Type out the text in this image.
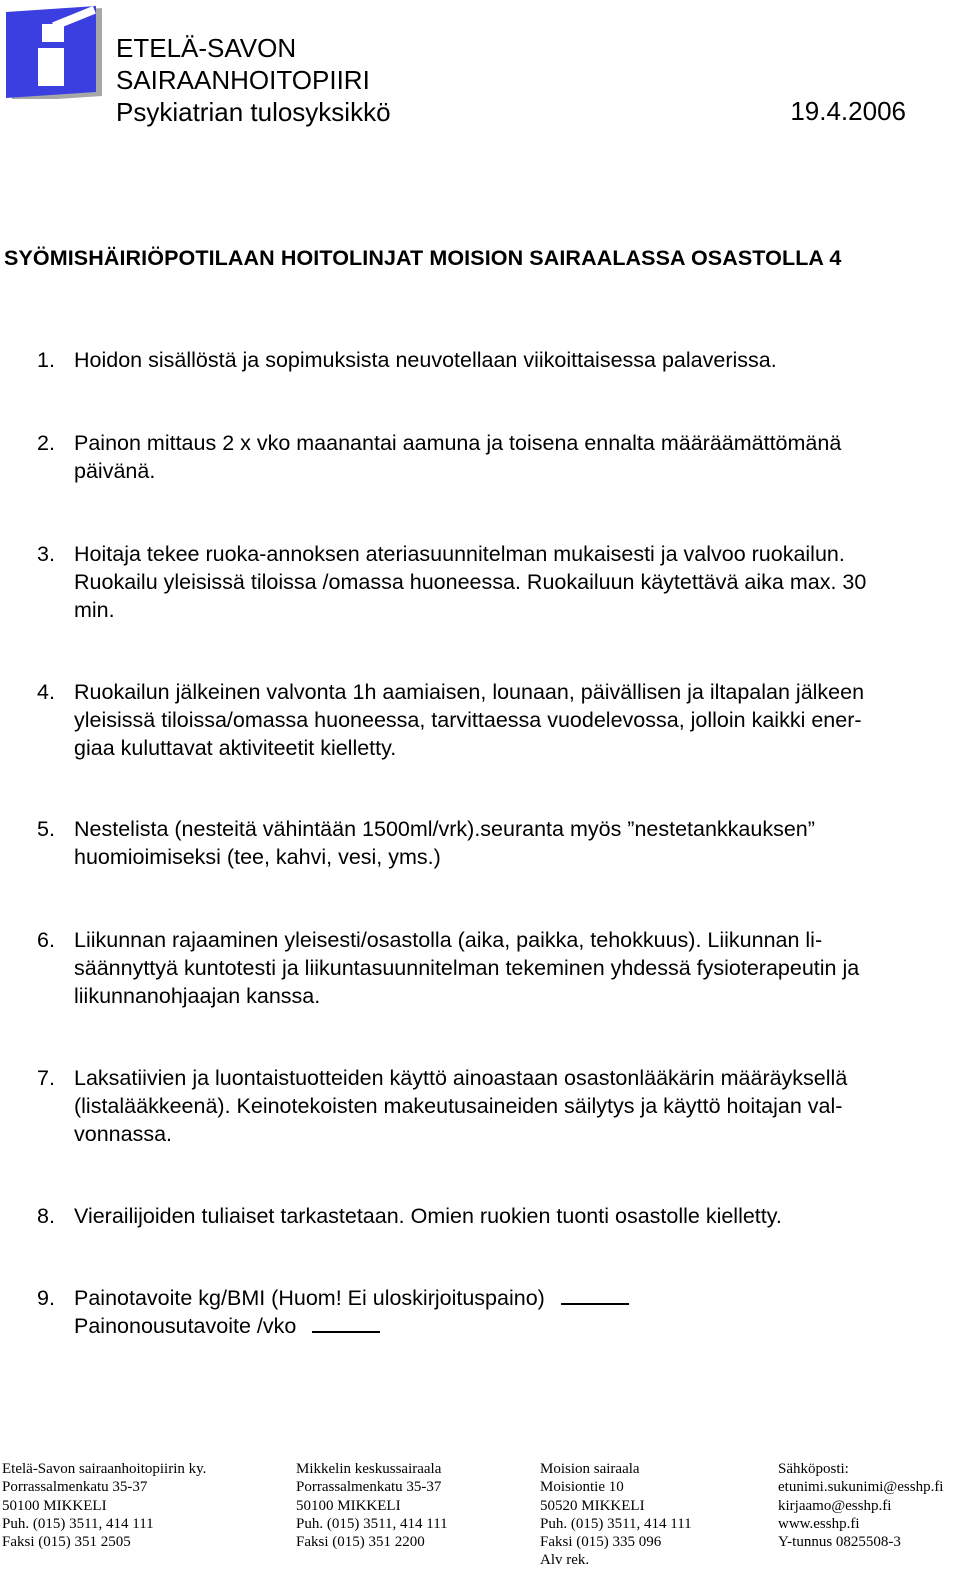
ETELÄ-SAVON
SAIRAANHOITOPIIRI
Psykiatrian tulosyksikkö	19.4.2006
SYÖMISHÄIRIÖPOTILAAN HOITOLINJAT MOISION SAIRAALASSA OSASTOLLA 4
1. Hoidon sisällöstä ja sopimuksista neuvotellaan viikoittaisessa palaverissa.
2. Painon mittaus 2 x vko maanantai aamuna ja toisena ennalta määräämättömänä
päivänä.
3. Hoitaja tekee ruoka-annoksen ateriasuunnitelman mukaisesti ja valvoo ruokailun.
Ruokailu yleisissä tiloissa /omassa huoneessa. Ruokailuun käytettävä aika max. 30
min.
4. Ruokailun jälkeinen valvonta 1h aamiaisen, lounaan, päivällisen ja iltapalan jälkeen
yleisissä tiloissa/omassa huoneessa, tarvittaessa vuodelevossa, jolloin kaikki ener-
giaa kuluttavat aktiviteetit kielletty.
5. Nestelista (nesteitä vähintään 1500ml/vrk).seuranta myös ”nestetankkauksen”
huomioimiseksi (tee, kahvi, vesi, yms.)
6. Liikunnan rajaaminen yleisesti/osastolla (aika, paikka, tehokkuus). Liikunnan li-
säännyttyä kuntotesti ja liikuntasuunnitelman tekeminen yhdessä fysioterapeutin ja
liikunnanohjaajan kanssa.
7. Laksatiivien ja luontaistuotteiden käyttö ainoastaan osastonlääkärin määräyksellä
(listalääkkeenä). Keinotekoisten makeutusaineiden säilytys ja käyttö hoitajan val-
vonnassa.
8. Vierailijoiden tuliaiset tarkastetaan. Omien ruokien tuonti osastolle kielletty.
9. Painotavoite kg/BMI (Huom! Ei uloskirjoituspaino)
Painonousutavoite /vko
Etelä-Savon sairaanhoitopiirin ky.
Porrassalmenkatu 35-37
50100 MIKKELI
Puh. (015) 3511, 414 111
Faksi (015) 351 2505
Mikkelin keskussairaala
Porrassalmenkatu 35-37
50100 MIKKELI
Puh. (015) 3511, 414 111
Faksi (015) 351 2200
Moision sairaala
Moisiontie 10
50520 MIKKELI
Puh. (015) 3511, 414 111
Faksi (015) 335 096
Alv rek.
Sähköposti:
etunimi.sukunimi@esshp.fi
kirjaamo@esshp.fi
www.esshp.fi
Y-tunnus 0825508-3
